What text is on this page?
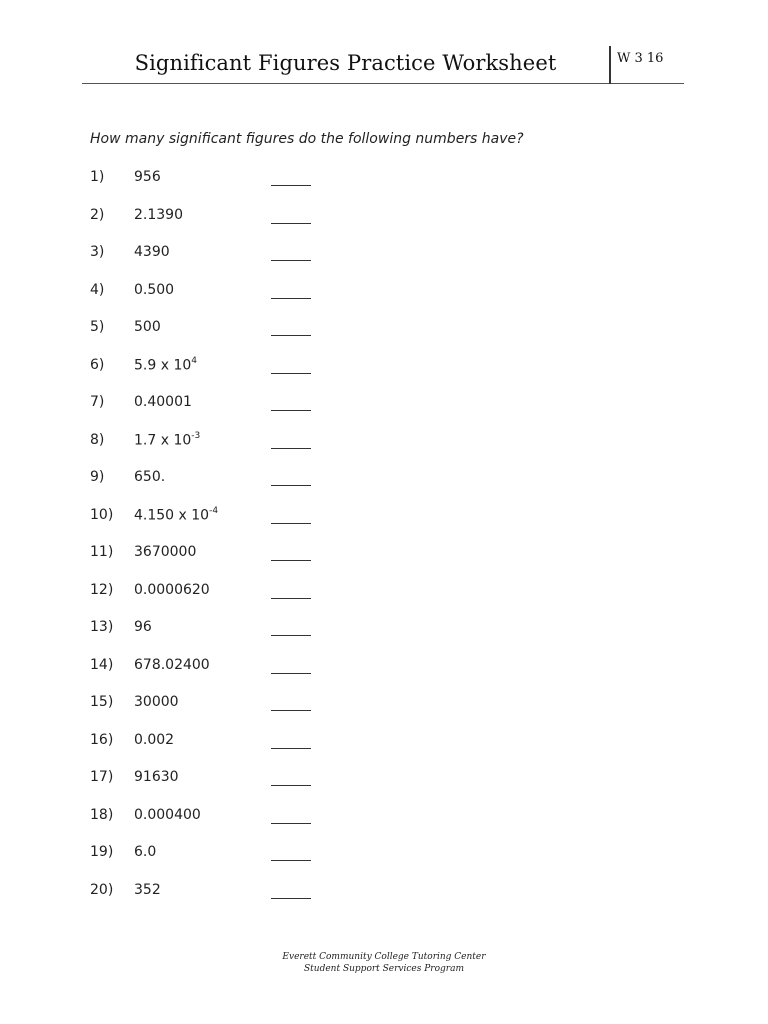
Significant Figures Practice Worksheet	W 3 16
How many significant figures do the following numbers have?
1) 956
2) 2.1390
3) 4390
4) 0.500
5) 500
6) 5.9 x $10^4$
7) 0.40001
8) 1.7 x $10^{-3}$
9) 650.
10) 4.150 x $10^{-4}$
11) 3670000
12) 0.0000620
13) 96
14) 678.02400
15) 30000
16) 0.002
17) 91630
18) 0.000400
19) 6.0
20) 352
Everett Community College Tutoring Center
Student Support Services Program
